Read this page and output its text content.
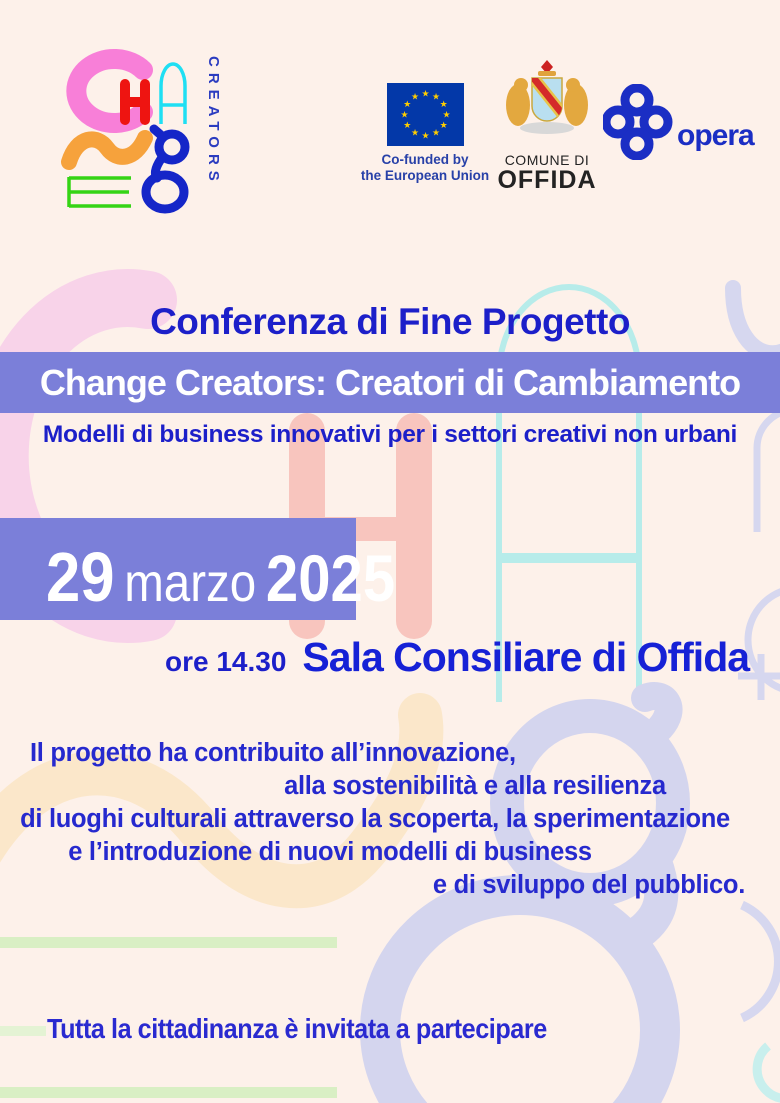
CREATORS	★ ★
★
★
★
★
★
★
★
★
★
★
Co-funded by
the European Union
COMUNE DI
OFFIDA
opera
Conferenza di Fine Progetto
Change Creators: Creatori di Cambiamento
Modelli di business innovativi per i settori creativi non urbani
29 marzo 2025
ore 14.30 Sala Consiliare di Offida
Il progetto ha contribuito all’innovazione,
alla sostenibilità e alla resilienza
di luoghi culturali attraverso la scoperta, la sperimentazione
e l’introduzione di nuovi modelli di business
e di sviluppo del pubblico.
Tutta la cittadinanza è invitata a partecipare
